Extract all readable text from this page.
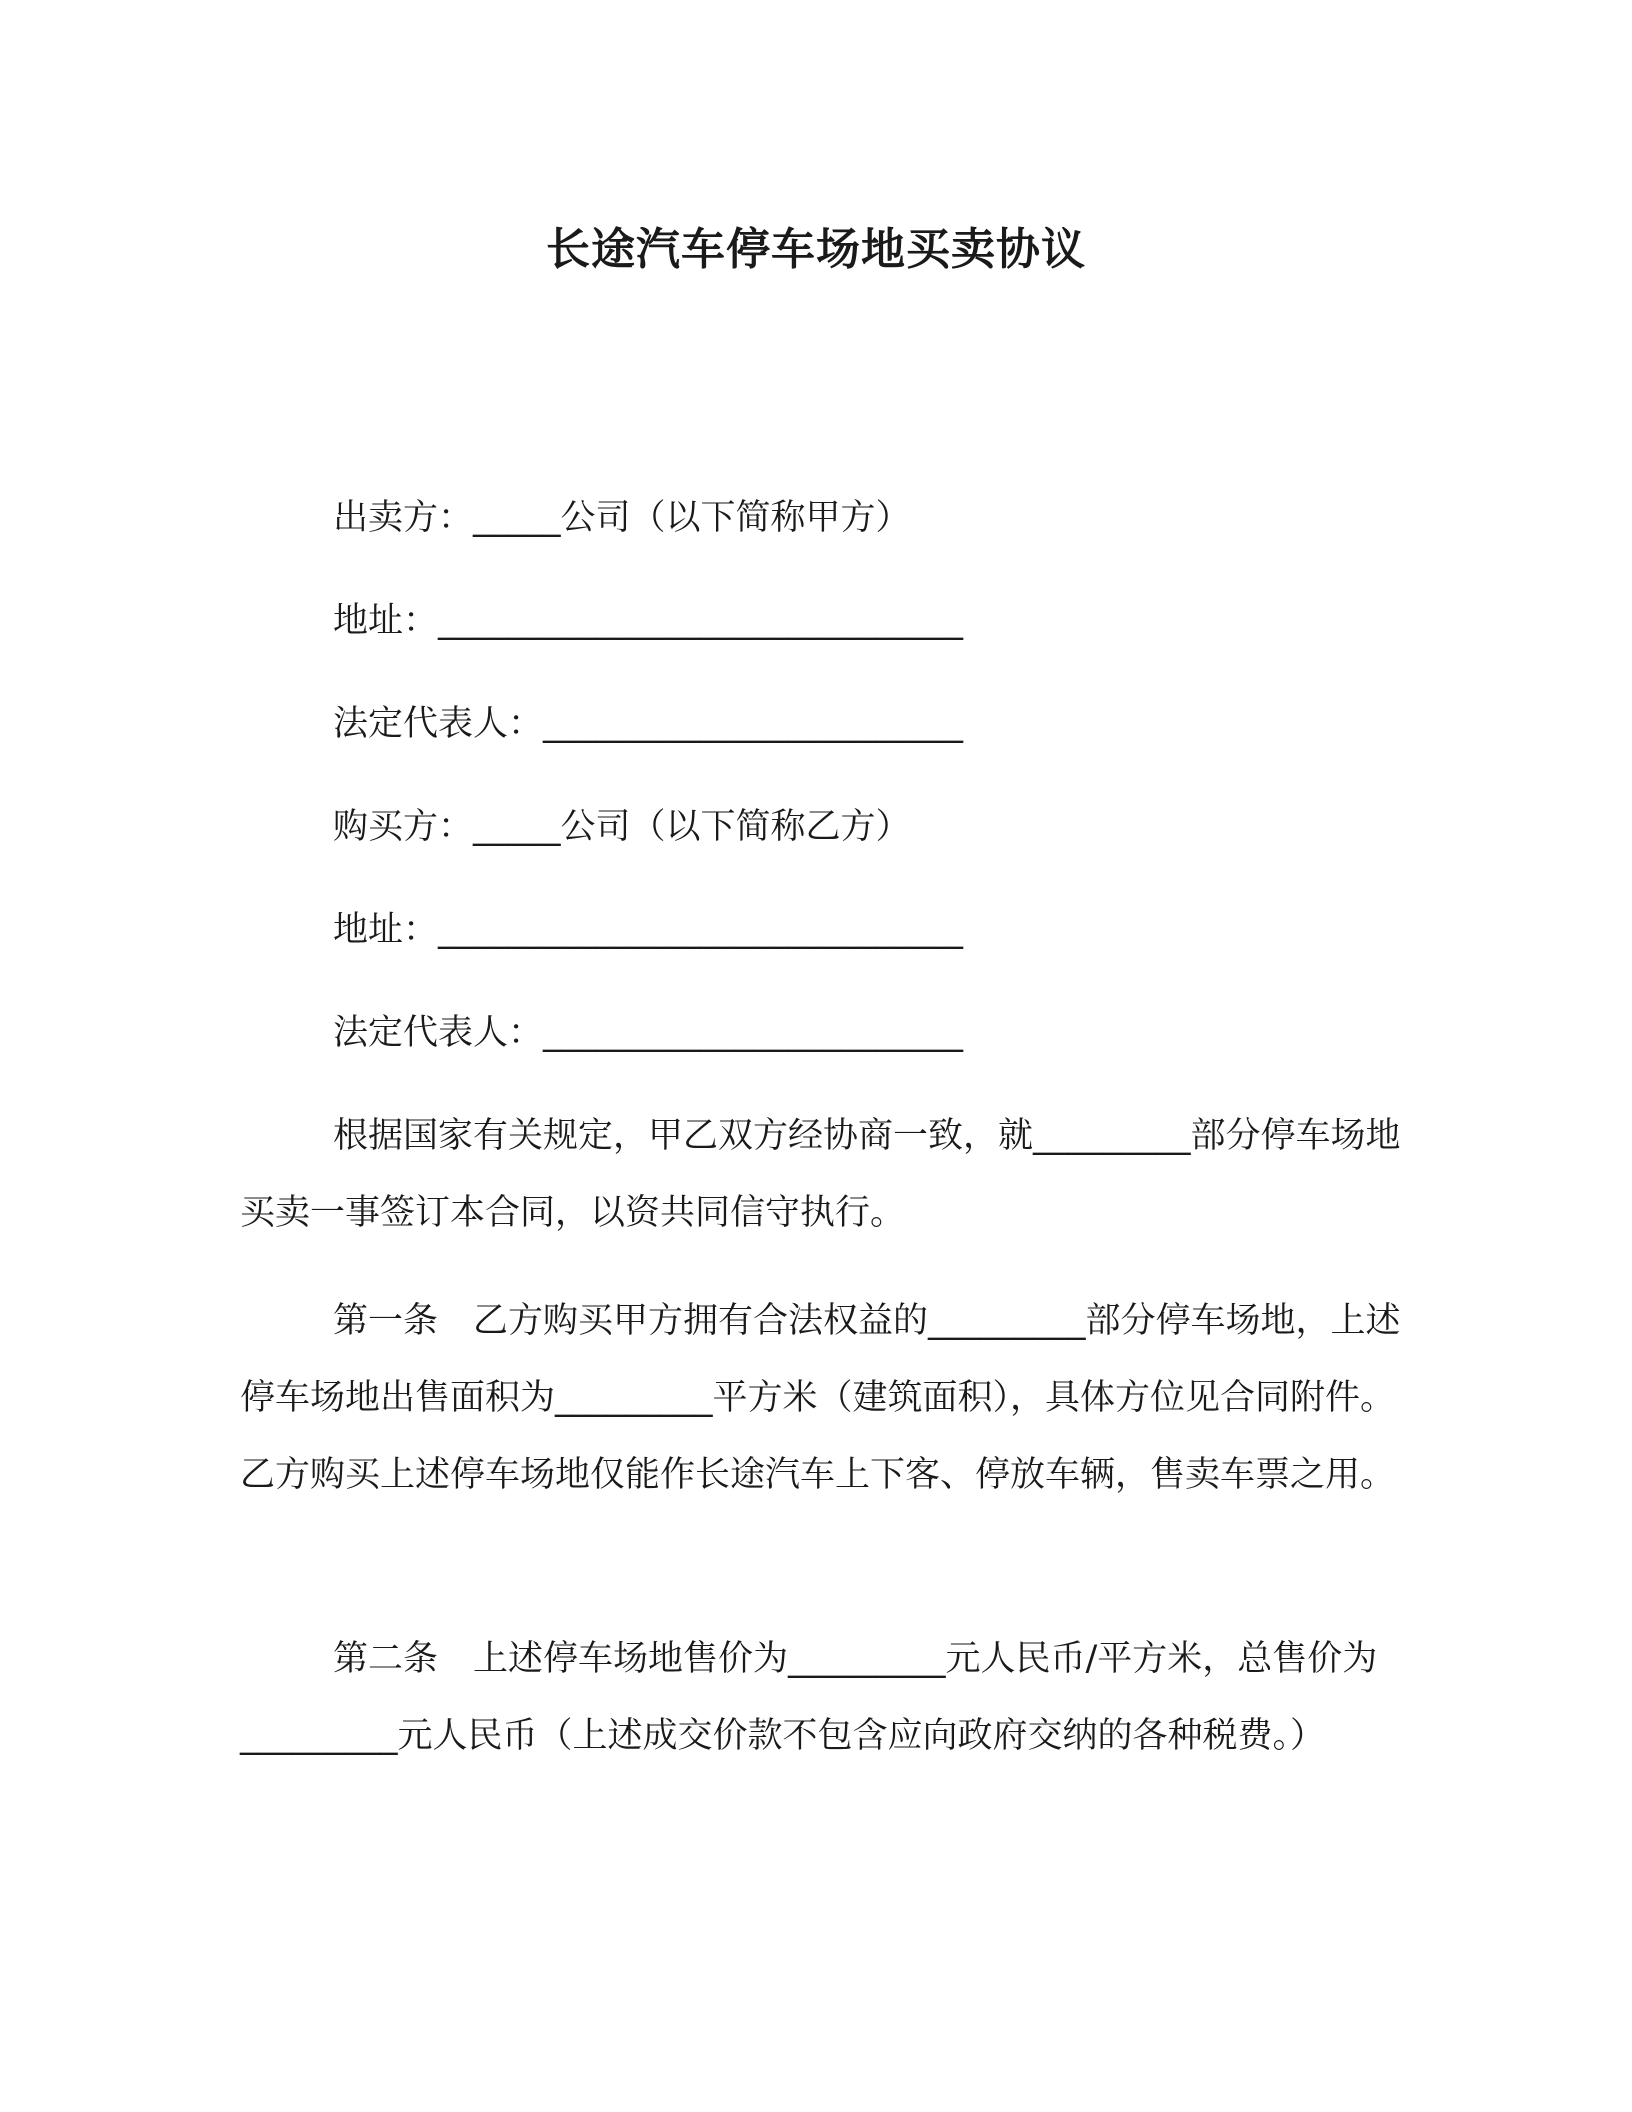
长途汽车停车场地买卖协议
出卖方：_____公司（以下简称甲方）
地址：______________________________
法定代表人：________________________
购买方：_____公司（以下简称乙方）
地址：______________________________
法定代表人：________________________

根据国家有关规定，甲乙双方经协商一致，就_________部分停车场地买卖一事签订本合同，以资共同信守执行。

第一条　乙方购买甲方拥有合法权益的_________部分停车场地，上述停车场地出售面积为_________平方米（建筑面积），具体方位见合同附件。乙方购买上述停车场地仅能作长途汽车上下客、停放车辆，售卖车票之用。

第二条　上述停车场地售价为_________元人民币/平方米，总售价为_________元人民币（上述成交价款不包含应向政府交纳的各种税费。）
